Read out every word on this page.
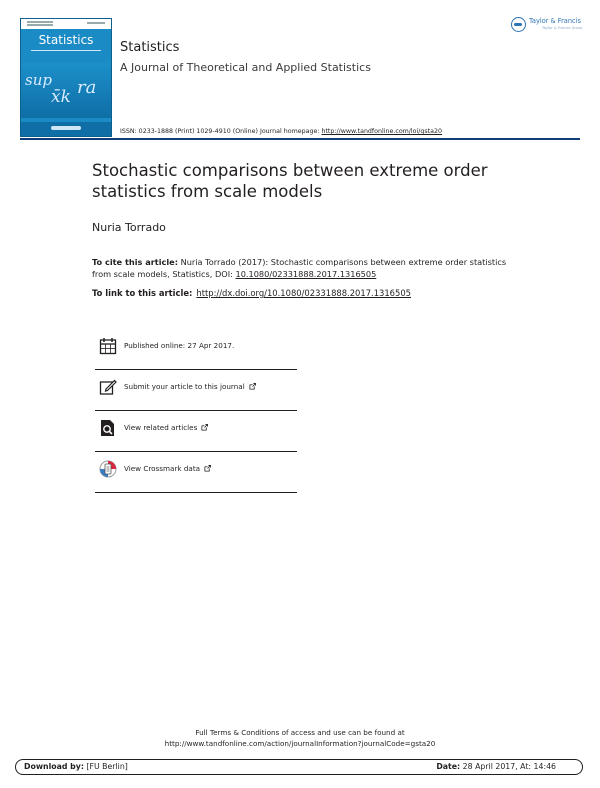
Statistics
sup
x̄k ra
Statistics
A Journal of Theoretical and Applied Statistics
ISSN: 0233-1888 (Print) 1029-4910 (Online) Journal homepage: http://www.tandfonline.com/loi/gsta20
Taylor & Francis
Taylor & Francis Group
Stochastic comparisons between extreme order statistics from scale models
Nuria Torrado
To cite this article: Nuria Torrado (2017): Stochastic comparisons between extreme order statistics from scale models, Statistics, DOI: 10.1080/02331888.2017.1316505
To link to this article: http://dx.doi.org/10.1080/02331888.2017.1316505
Published online: 27 Apr 2017.
Submit your article to this journal
View related articles
View Crossmark data
Full Terms & Conditions of access and use can be found at
http://www.tandfonline.com/action/journalInformation?journalCode=gsta20
Download by: [FU Berlin]	Date: 28 April 2017, At: 14:46
